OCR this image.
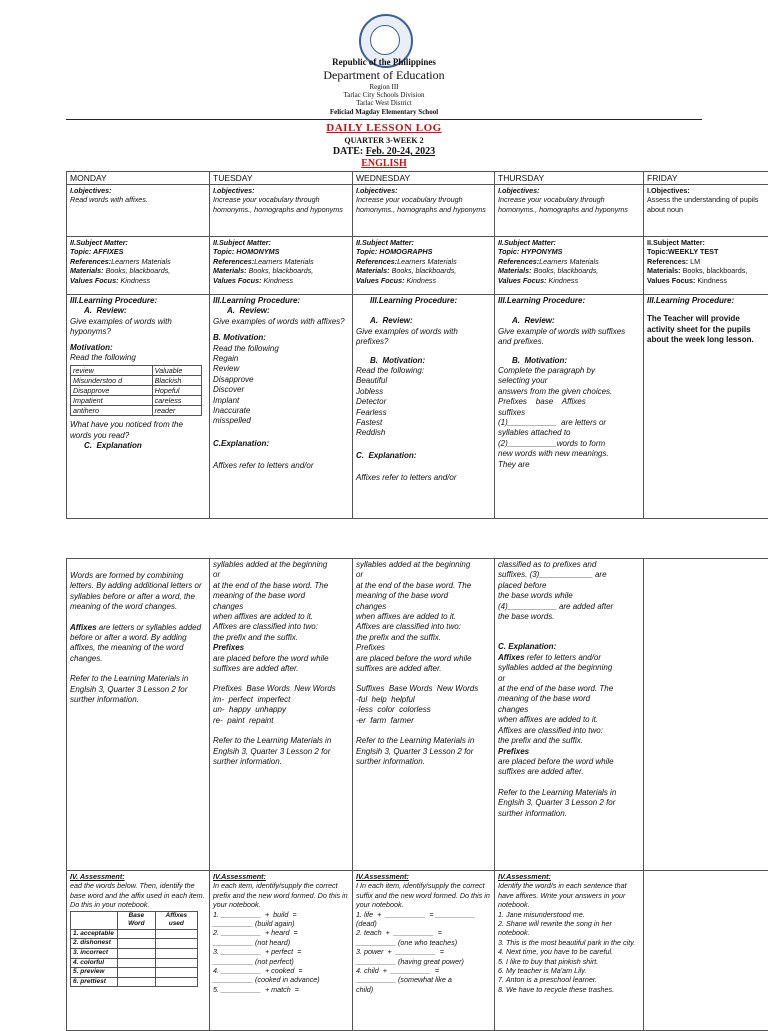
Republic of the Philippines
Department of Education
Region III
Tarlac City Schools Division
Tarlac West District
Feliciad Magday Elementary School
DAILY LESSON LOG
QUARTER 3-WEEK 2
DATE: Feb. 20-24, 2023
ENGLISH
MONDAY	TUESDAY	WEDNESDAY	THURSDAY	FRIDAY

I.objectives:
Read words with affixes.

I.objectives:
Increase your vocabulary through homonyms., homographs and hyponyms

I.objectives:
Increase your vocabulary through homonyms., homographs and hyponyms

I.objectives:
Increase your vocabulary through homonyms., homographs and hyponyms

I.Objectives:
Assess the understanding of pupils about noun

II.Subject Matter:
Topic: AFFIXES
References:Learners Materials
Materials: Books, blackboards,
Values Focus: Kindness

II.Subject Matter:
Topic: HOMONYMS
References:Learners Materials
Materials: Books, blackboards,
Values Focus: Kindness

II.Subject Matter:
Topic: HOMOGRAPHS
References:Learners Materials
Materials: Books, blackboards,
Values Focus: Kindness

II.Subject Matter:
Topic: HYPONYMS
References:Learners Materials
Materials: Books, blackboards,
Values Focus: Kindness

II.Subject Matter:
Topic:WEEKLY TEST
References: LM
Materials: Books, blackboards,
Values Focus: Kindness

III.Learning Procedure:
A.  Review:
Give examples of words with hyponyms?
Motivation:
Read the following
review	Valuable
Misunderstoo d	Blackish
Disapprove	Hopeful
Impatient	careless
antihero	reader
What have you noticed from the words you read?
C.  Explanation

III.Learning Procedure:
A.  Review:
Give examples of words with affixes?
B. Motivation:
Read the following
Regain
Review
Disapprove
Discover
Implant
Inaccurate
misspelled
C.Explanation:
Affixes refer to letters and/or

III.Learning Procedure:
A.  Review:
Give examples of words with prefixes?
B.  Motivation:
Read the following:
Beautiful
Jobless
Detector
Fearless
Fastest
Reddish
C.  Explanation:
Affixes refer to letters and/or

III.Learning Procedure:
A.  Review:
Give example of words with suffixes and prefixes.
B.  Motivation:
Complete the paragraph by
selecting your
answers from the given choices.
Prefixes    base    Affixes
suffixes
(1)___________  are letters or
syllables attached to
(2)___________words to form
new words with new meanings.
They are

III.Learning Procedure:
The Teacher will provide activity sheet for the pupils about the week long lesson.
Words are formed by combining letters. By adding additional letters or syllables before or after a word, the meaning of the word changes.
Affixes are letters or syllables added before or after a word. By adding affixes, the meaning of the word changes.
Refer to the Learning Materials in Englsih 3, Quarter 3 Lesson 2 for surther information.

syllables added at the beginning
or
at the end of the base word. The
meaning of the base word
changes
when affixes are added to it.
Affixes are classified into two:
the prefix and the suffix.
Prefixes
are placed before the word while
suffixes are added after.
Prefixes  Base Words  New Words
im-  perfect  imperfect
un-  happy  unhappy
re-  paint  repaint
Refer to the Learning Materials in Englsih 3, Quarter 3 Lesson 2 for surther information.

syllables added at the beginning
or
at the end of the base word. The
meaning of the base word
changes
when affixes are added to it.
Affixes are classified into two:
the prefix and the suffix.
Prefixes
are placed before the word while
suffixes are added after.
Suffixes  Base Words  New Words
-ful  help  helpful
-less  color  colorless
-er  farm  farmer
Refer to the Learning Materials in Englsih 3, Quarter 3 Lesson 2 for surther information.

classified as to prefixes and
suffixes. (3)____________ are
placed before
the base words while
(4)___________ are added after
the base words.
C. Explanation:
Affixes refer to letters and/or
syllables added at the beginning
or
at the end of the base word. The
meaning of the base word
changes
when affixes are added to it.
Affixes are classified into two:
the prefix and the suffix.
Prefixes
are placed before the word while
suffixes are added after.
Refer to the Learning Materials in Englsih 3, Quarter 3 Lesson 2 for surther information.

IV. Assessment:
ead the words below. Then, identify the base word and the affix used in each item. Do this in your notebook.
	Base Word	Affixes used
1. acceptable		
2. dishonest		
3. incorrect		
4. colorful		
5. preview		
6. prettiest		

IV.Assessment:
In each item, identify/supply the correct prefix and the new word formed. Do this in your notebook.
1. __________  +  build  =
__________ (build again)
2. __________  + heard  =
__________ (not heard)
3. __________  + perfect  =
__________ (not perfect)
4. __________  + cooked  =
__________ (cooked in advance)
5. __________  + match  =

IV.Assessment:
I In each item, identify/supply the correct suffix and the new word formed. Do this in your notebook.
1. life  +  __________  = __________
(dead)
2. teach  +  __________  =
__________ (one who teaches)
3. power  +  __________  =
__________ (having great power)
4. child  +  __________  =
__________ (somewhat like a
child)

IV.Assessment:
Identify the word/s in each sentence that have affixes. Write your answers in your notebook.
1. Jane misunderstood me.
2. Shane will rewrite the song in her notebook.
3. This is the most beautiful park in the city.
4. Next time, you have to be careful.
5. I like to buy that pinkish shirt.
6. My teacher is Ma'am Lily.
7. Anton is a preschool learner.
8. We have to recycle these trashes.
